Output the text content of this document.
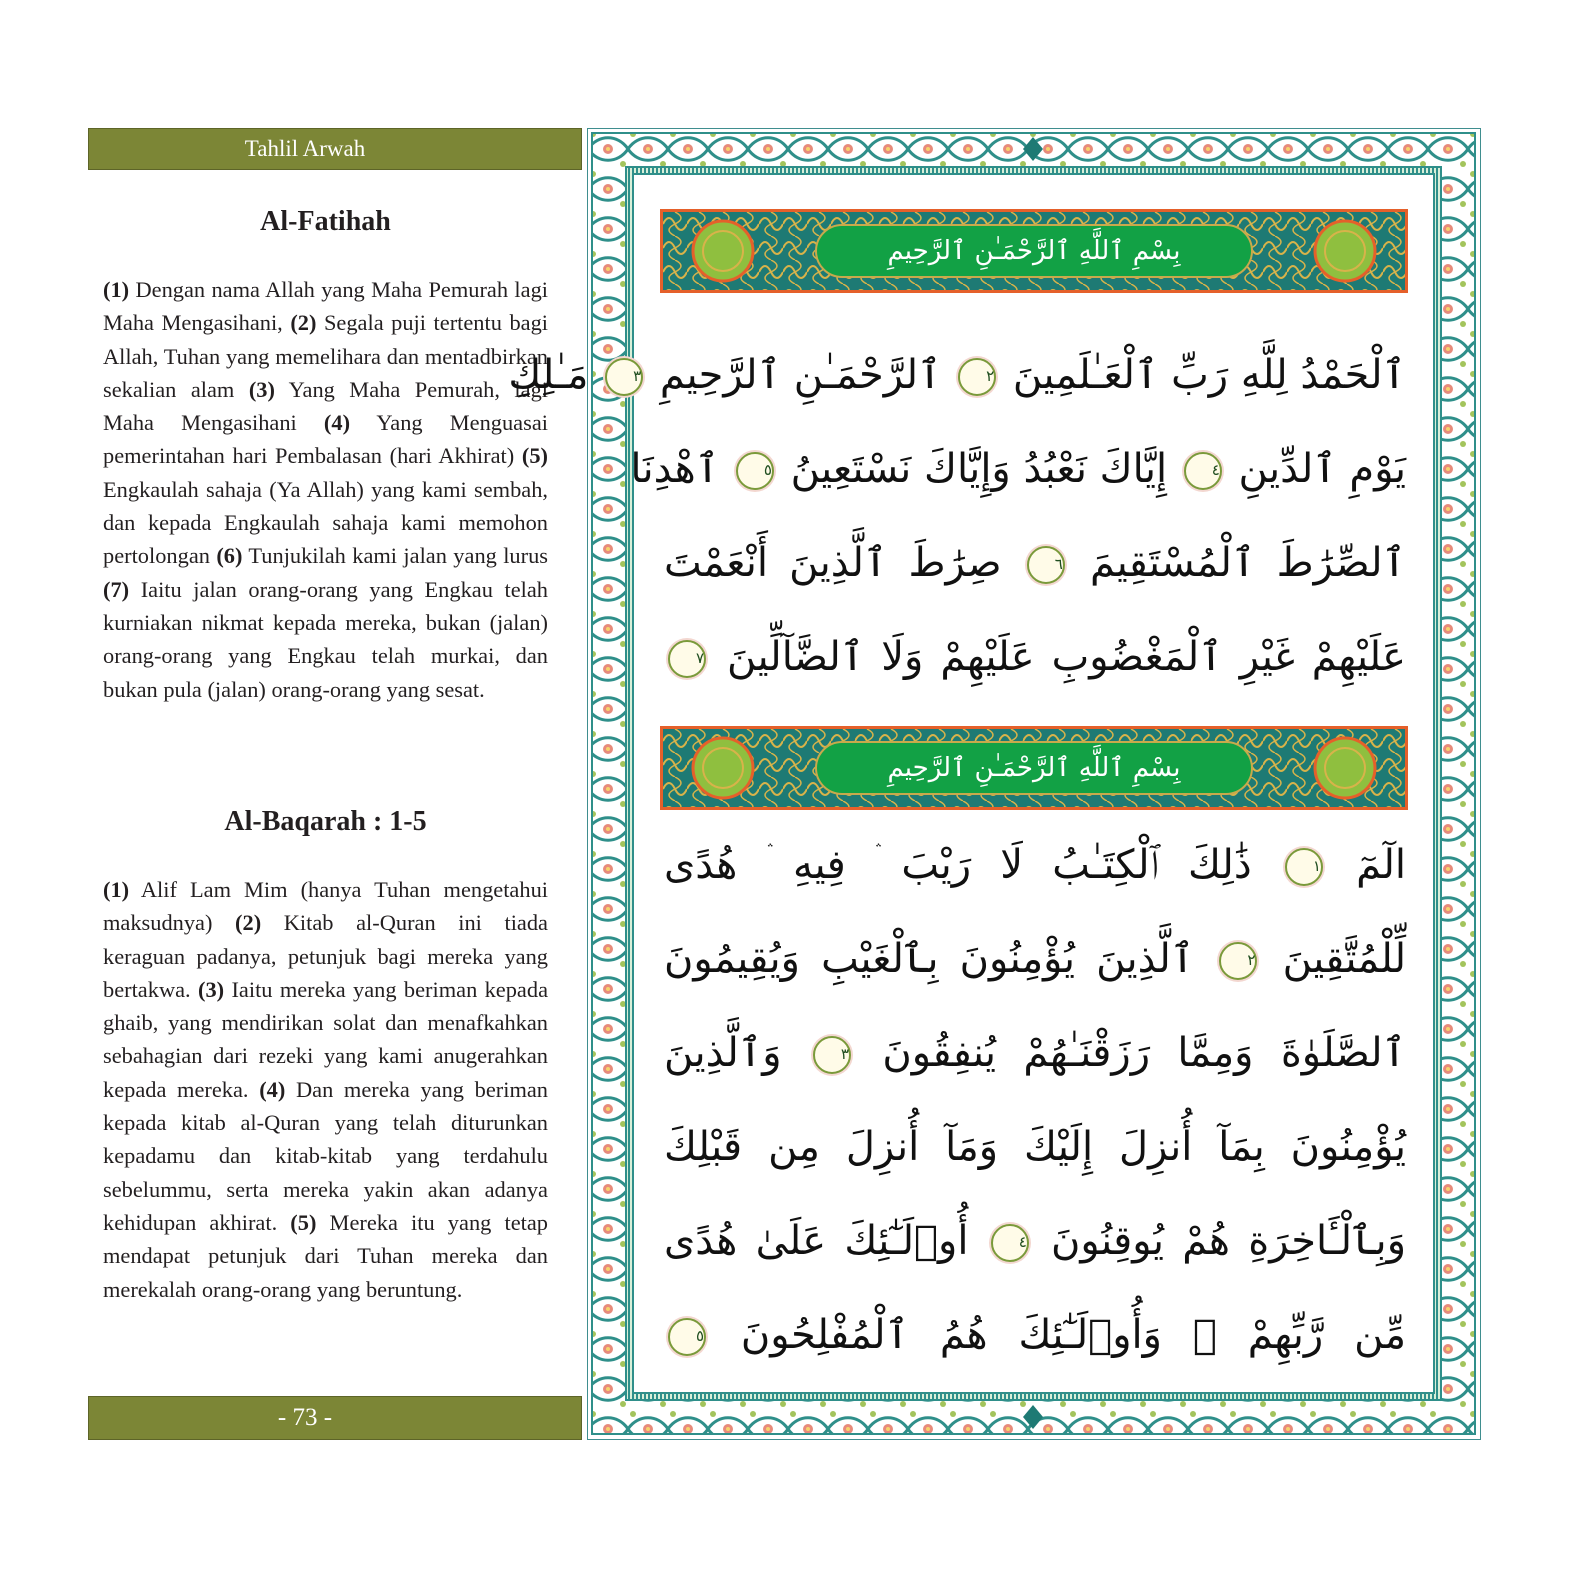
Tahlil Arwah
Al-Fatihah
(1) Dengan nama Allah yang Maha Pemurah lagi Maha Mengasihani, (2) Segala puji tertentu bagi Allah, Tuhan yang memelihara dan mentadbirkan sekalian alam (3) Yang Maha Pemurah, lagi Maha Mengasihani (4) Yang Menguasai pemerintahan hari Pembalasan (hari Akhirat) (5) Engkaulah sahaja (Ya Allah) yang kami sembah, dan kepada Engkaulah sahaja kami memohon pertolongan (6) Tunjukilah kami jalan yang lurus (7) Iaitu jalan orang-orang yang Engkau telah kurniakan nikmat kepada mereka, bukan (jalan) orang-orang yang Engkau telah murkai, dan bukan pula (jalan) orang-orang yang sesat.
Al-Baqarah : 1-5
(1) Alif Lam Mim (hanya Tuhan mengetahui maksudnya) (2) Kitab al-Quran ini tiada keraguan padanya, petunjuk bagi mereka yang bertakwa. (3) Iaitu mereka yang beriman kepada ghaib, yang mendirikan solat dan menafkahkan sebahagian dari rezeki yang kami anugerahkan kepada mereka. (4) Dan mereka yang beriman kepada kitab al-Quran yang telah diturunkan kepadamu dan kitab-kitab yang terdahulu sebelummu, serta mereka yakin akan adanya kehidupan akhirat. (5) Mereka itu yang tetap mendapat petunjuk dari Tuhan mereka dan merekalah orang-orang yang beruntung.
- 73 -
بِسْمِ ٱللَّهِ ٱلرَّحْمَـٰنِ ٱلرَّحِيمِ
ٱلْحَمْدُ لِلَّهِ رَبِّ ٱلْعَـٰلَمِينَ ٢ ٱلرَّحْمَـٰنِ ٱلرَّحِيمِ ٣ مَـٰلِكِ
يَوْمِ ٱلدِّينِ ٤ إِيَّاكَ نَعْبُدُ وَإِيَّاكَ نَسْتَعِينُ ٥ ٱهْدِنَا
ٱلصِّرَٰطَ ٱلْمُسْتَقِيمَ ٦ صِرَٰطَ ٱلَّذِينَ أَنْعَمْتَ
عَلَيْهِمْ غَيْرِ ٱلْمَغْضُوبِ عَلَيْهِمْ وَلَا ٱلضَّآلِّينَ ٧
بِسْمِ ٱللَّهِ ٱلرَّحْمَـٰنِ ٱلرَّحِيمِ
الٓمٓ ١ ذَٰلِكَ ٱلْكِتَـٰبُ لَا رَيْبَ ۛ فِيهِ ۛ هُدًى
لِّلْمُتَّقِينَ ٢ ٱلَّذِينَ يُؤْمِنُونَ بِٱلْغَيْبِ وَيُقِيمُونَ
ٱلصَّلَوٰةَ وَمِمَّا رَزَقْنَـٰهُمْ يُنفِقُونَ ٣ وَٱلَّذِينَ
يُؤْمِنُونَ بِمَآ أُنزِلَ إِلَيْكَ وَمَآ أُنزِلَ مِن قَبْلِكَ
وَبِٱلْـَٔاخِرَةِ هُمْ يُوقِنُونَ ٤ أُو۟لَـٰٓئِكَ عَلَىٰ هُدًى
مِّن رَّبِّهِمْ ۖ وَأُو۟لَـٰٓئِكَ هُمُ ٱلْمُفْلِحُونَ ٥
